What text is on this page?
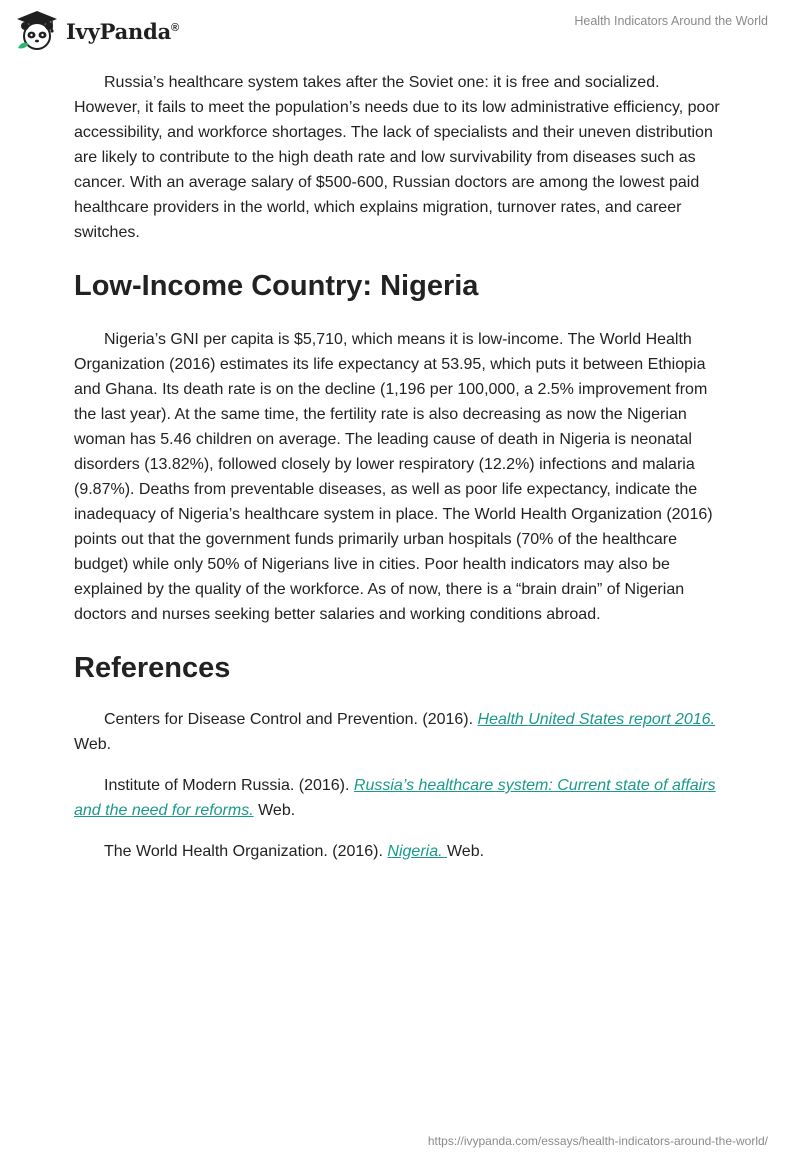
IvyPanda®	Health Indicators Around the World

Russia’s healthcare system takes after the Soviet one: it is free and socialized. However, it fails to meet the population’s needs due to its low administrative efficiency, poor accessibility, and workforce shortages. The lack of specialists and their uneven distribution are likely to contribute to the high death rate and low survivability from diseases such as cancer. With an average salary of $500-600, Russian doctors are among the lowest paid healthcare providers in the world, which explains migration, turnover rates, and career switches.

Low-Income Country: Nigeria

Nigeria’s GNI per capita is $5,710, which means it is low-income. The World Health Organization (2016) estimates its life expectancy at 53.95, which puts it between Ethiopia and Ghana. Its death rate is on the decline (1,196 per 100,000, a 2.5% improvement from the last year). At the same time, the fertility rate is also decreasing as now the Nigerian woman has 5.46 children on average. The leading cause of death in Nigeria is neonatal disorders (13.82%), followed closely by lower respiratory (12.2%) infections and malaria (9.87%). Deaths from preventable diseases, as well as poor life expectancy, indicate the inadequacy of Nigeria’s healthcare system in place. The World Health Organization (2016) points out that the government funds primarily urban hospitals (70% of the healthcare budget) while only 50% of Nigerians live in cities. Poor health indicators may also be explained by the quality of the workforce. As of now, there is a “brain drain” of Nigerian doctors and nurses seeking better salaries and working conditions abroad.

References

Centers for Disease Control and Prevention. (2016). Health United States report 2016. Web.

Institute of Modern Russia. (2016). Russia’s healthcare system: Current state of affairs and the need for reforms. Web.

The World Health Organization. (2016). Nigeria. Web.

https://ivypanda.com/essays/health-indicators-around-the-world/
